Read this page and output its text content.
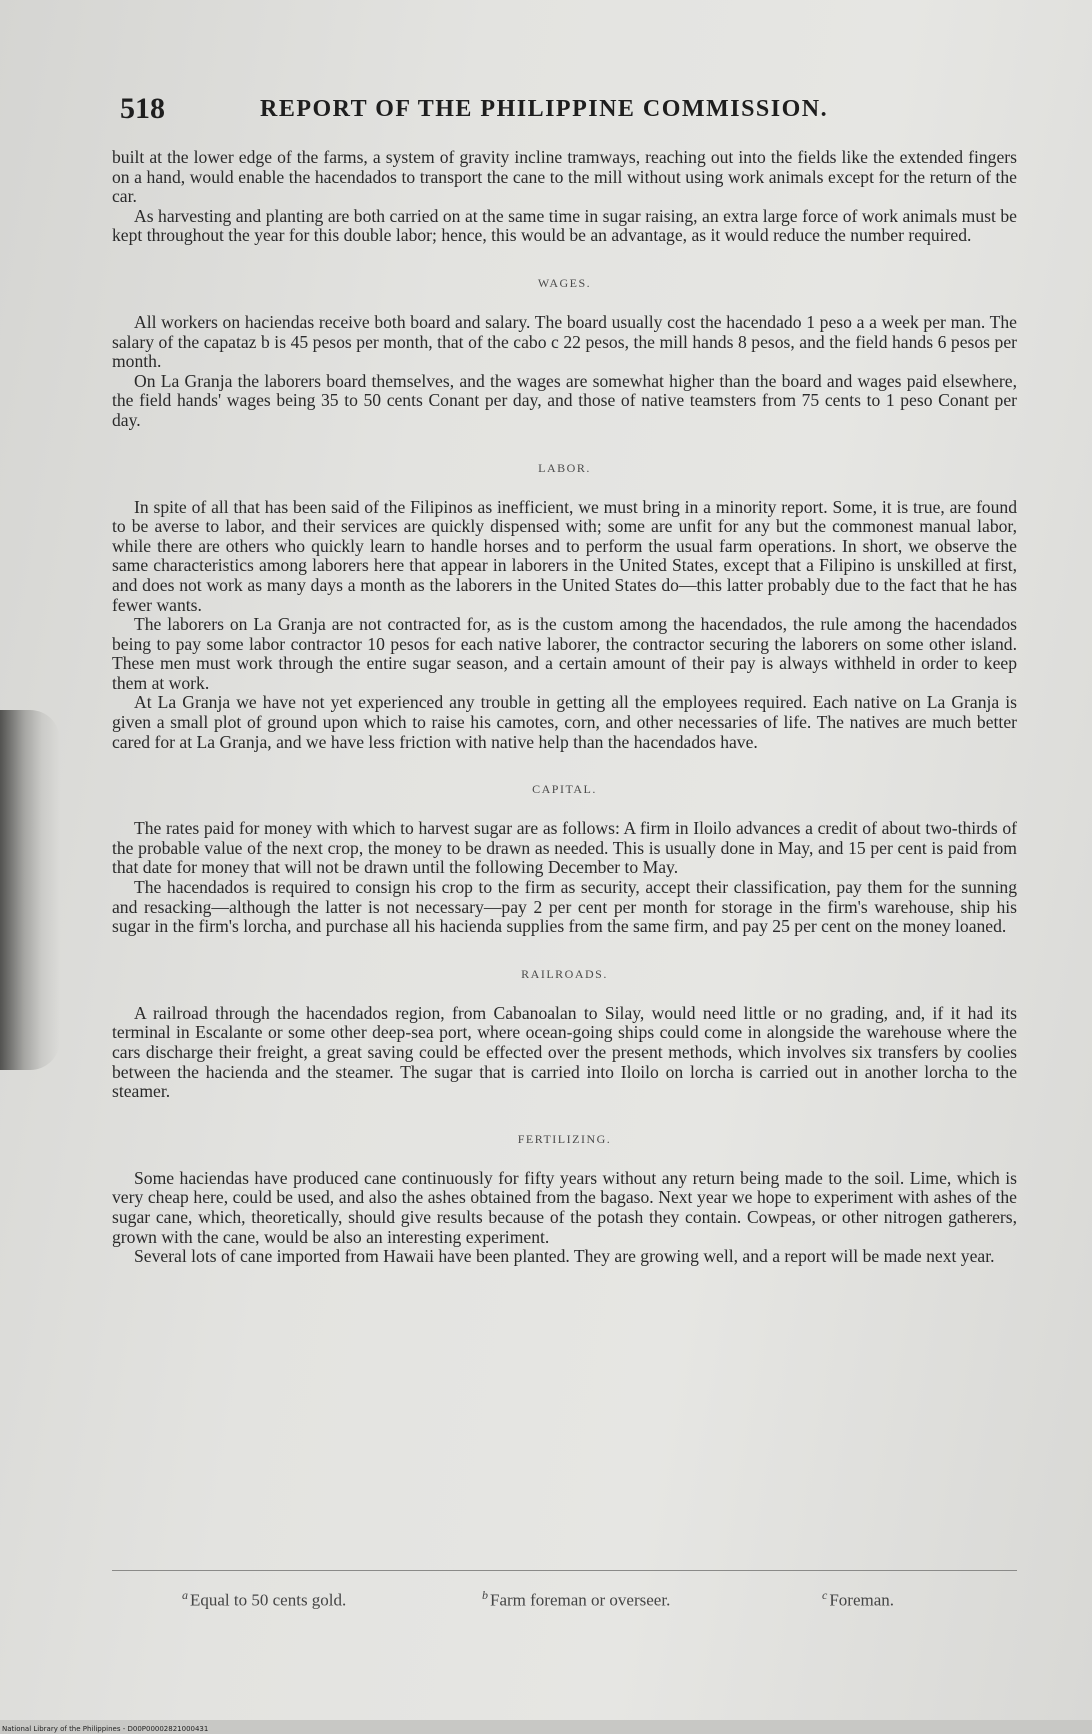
518	REPORT OF THE PHILIPPINE COMMISSION.

built at the lower edge of the farms, a system of gravity incline tramways, reaching out into the fields like the extended fingers on a hand, would enable the hacendados to transport the cane to the mill without using work animals except for the return of the car.

As harvesting and planting are both carried on at the same time in sugar raising, an extra large force of work animals must be kept throughout the year for this double labor; hence, this would be an advantage, as it would reduce the number required.

WAGES.

All workers on haciendas receive both board and salary. The board usually cost the hacendado 1 peso a a week per man. The salary of the capataz b is 45 pesos per month, that of the cabo c 22 pesos, the mill hands 8 pesos, and the field hands 6 pesos per month.

On La Granja the laborers board themselves, and the wages are somewhat higher than the board and wages paid elsewhere, the field hands' wages being 35 to 50 cents Conant per day, and those of native teamsters from 75 cents to 1 peso Conant per day.

LABOR.

In spite of all that has been said of the Filipinos as inefficient, we must bring in a minority report. Some, it is true, are found to be averse to labor, and their services are quickly dispensed with; some are unfit for any but the commonest manual labor, while there are others who quickly learn to handle horses and to perform the usual farm operations. In short, we observe the same characteristics among laborers here that appear in laborers in the United States, except that a Filipino is unskilled at first, and does not work as many days a month as the laborers in the United States do—this latter probably due to the fact that he has fewer wants.

The laborers on La Granja are not contracted for, as is the custom among the hacendados, the rule among the hacendados being to pay some labor contractor 10 pesos for each native laborer, the contractor securing the laborers on some other island. These men must work through the entire sugar season, and a certain amount of their pay is always withheld in order to keep them at work.

At La Granja we have not yet experienced any trouble in getting all the employees required. Each native on La Granja is given a small plot of ground upon which to raise his camotes, corn, and other necessaries of life. The natives are much better cared for at La Granja, and we have less friction with native help than the hacendados have.

CAPITAL.

The rates paid for money with which to harvest sugar are as follows: A firm in Iloilo advances a credit of about two-thirds of the probable value of the next crop, the money to be drawn as needed. This is usually done in May, and 15 per cent is paid from that date for money that will not be drawn until the following December to May.

The hacendados is required to consign his crop to the firm as security, accept their classification, pay them for the sunning and resacking—although the latter is not necessary—pay 2 per cent per month for storage in the firm's warehouse, ship his sugar in the firm's lorcha, and purchase all his hacienda supplies from the same firm, and pay 25 per cent on the money loaned.

RAILROADS.

A railroad through the hacendados region, from Cabanoalan to Silay, would need little or no grading, and, if it had its terminal in Escalante or some other deep-sea port, where ocean-going ships could come in alongside the warehouse where the cars discharge their freight, a great saving could be effected over the present methods, which involves six transfers by coolies between the hacienda and the steamer. The sugar that is carried into Iloilo on lorcha is carried out in another lorcha to the steamer.

FERTILIZING.

Some haciendas have produced cane continuously for fifty years without any return being made to the soil. Lime, which is very cheap here, could be used, and also the ashes obtained from the bagaso. Next year we hope to experiment with ashes of the sugar cane, which, theoretically, should give results because of the potash they contain. Cowpeas, or other nitrogen gatherers, grown with the cane, would be also an interesting experiment.

Several lots of cane imported from Hawaii have been planted. They are growing well, and a report will be made next year.

$^a$ Equal to 50 cents gold.	$^b$ Farm foreman or overseer.	$^c$ Foreman.
National Library of the Philippines - D00P00002821000431
